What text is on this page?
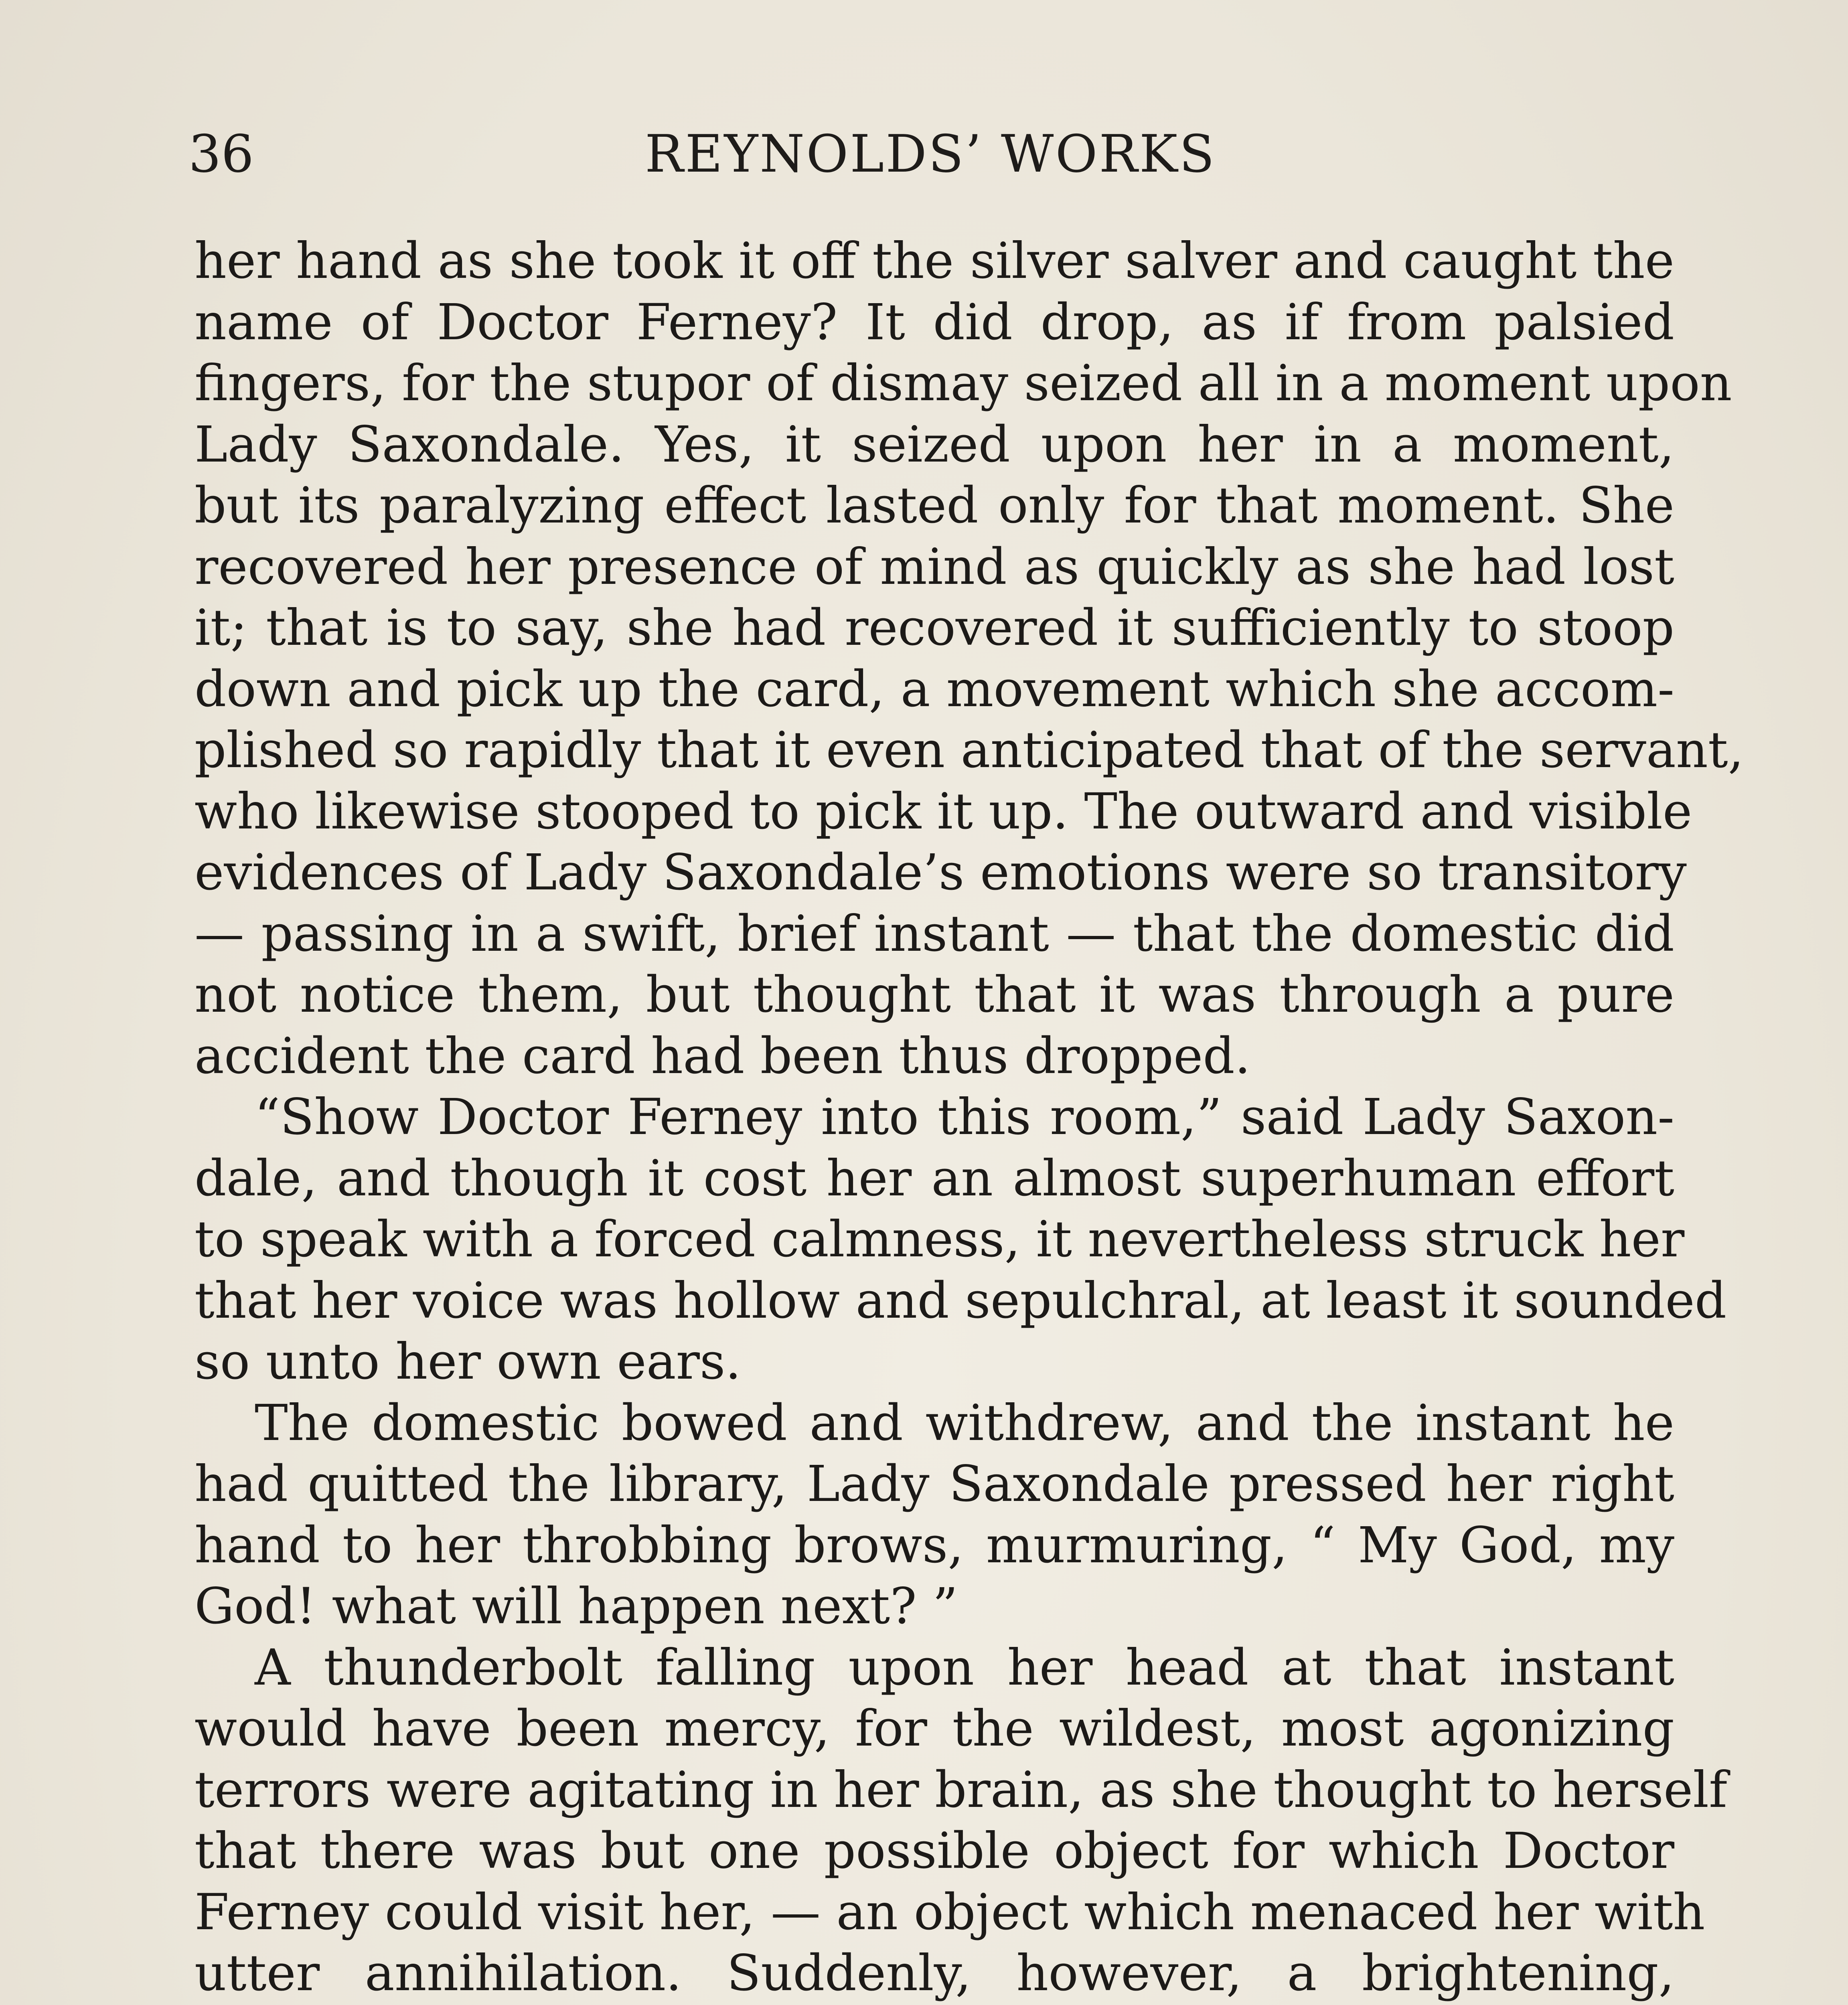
36	REYNOLDS’ WORKS
her hand as she took it off the silver salver and caught the
name of Doctor Ferney? It did drop, as if from palsied
fingers, for the stupor of dismay seized all in a moment upon
Lady Saxondale. Yes, it seized upon her in a moment,
but its paralyzing effect lasted only for that moment. She
recovered her presence of mind as quickly as she had lost
it; that is to say, she had recovered it sufficiently to stoop
down and pick up the card, a movement which she accom-
plished so rapidly that it even anticipated that of the servant,
who likewise stooped to pick it up. The outward and visible
evidences of Lady Saxondale’s emotions were so transitory
— passing in a swift, brief instant — that the domestic did
not notice them, but thought that it was through a pure
accident the card had been thus dropped.
“Show Doctor Ferney into this room,” said Lady Saxon-
dale, and though it cost her an almost superhuman effort
to speak with a forced calmness, it nevertheless struck her
that her voice was hollow and sepulchral, at least it sounded
so unto her own ears.
The domestic bowed and withdrew, and the instant he
had quitted the library, Lady Saxondale pressed her right
hand to her throbbing brows, murmuring, “ My God, my
God! what will happen next? ”
A thunderbolt falling upon her head at that instant
would have been mercy, for the wildest, most agonizing
terrors were agitating in her brain, as she thought to herself
that there was but one possible object for which Doctor
Ferney could visit her, — an object which menaced her with
utter annihilation. Suddenly, however, a brightening,
